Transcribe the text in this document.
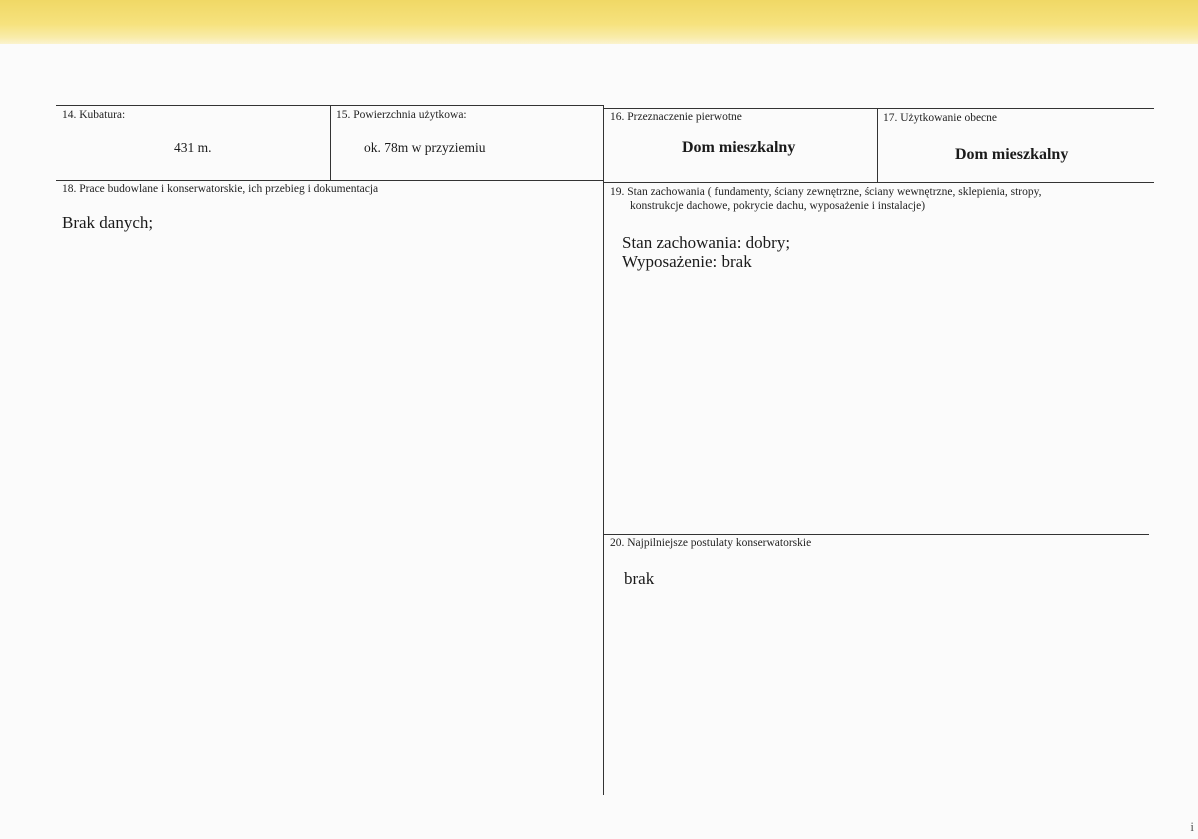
14. Kubatura:
431 m.
15. Powierzchnia użytkowa:
ok. 78m w przyziemiu
16. Przeznaczenie pierwotne
Dom mieszkalny
17. Użytkowanie obecne
Dom mieszkalny
18. Prace budowlane i konserwatorskie, ich przebieg i dokumentacja
Brak danych;
19. Stan zachowania ( fundamenty, ściany zewnętrzne, ściany wewnętrzne, sklepienia, stropy,
konstrukcje dachowe, pokrycie dachu, wyposażenie i instalacje)
Stan zachowania: dobry;
Wyposażenie: brak
20. Najpilniejsze postulaty konserwatorskie
brak
i
